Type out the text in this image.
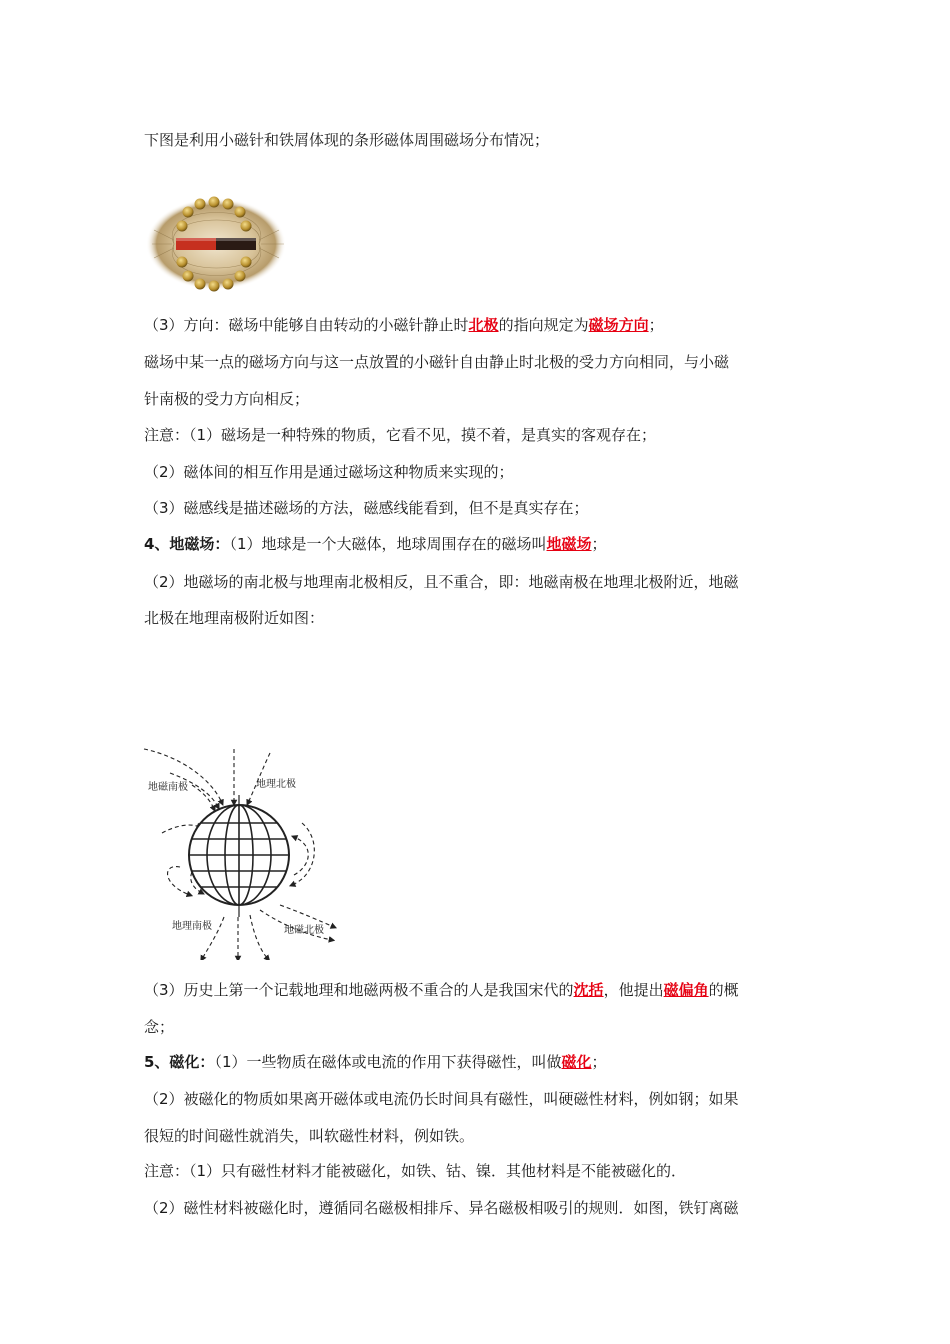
下图是利用小磁针和铁屑体现的条形磁体周围磁场分布情况；
（3）方向：磁场中能够自由转动的小磁针静止时北极的指向规定为磁场方向；
磁场中某一点的磁场方向与这一点放置的小磁针自由静止时北极的受力方向相同，与小磁
针南极的受力方向相反；
注意：（1）磁场是一种特殊的物质，它看不见，摸不着，是真实的客观存在；
（2）磁体间的相互作用是通过磁场这种物质来实现的；
（3）磁感线是描述磁场的方法，磁感线能看到，但不是真实存在；
4、地磁场：（1）地球是一个大磁体，地球周围存在的磁场叫地磁场；
（2）地磁场的南北极与地理南北极相反，且不重合，即：地磁南极在地理北极附近，地磁
北极在地理南极附近如图：
地磁南极	地理北极
地理南极	地磁北极
（3）历史上第一个记载地理和地磁两极不重合的人是我国宋代的沈括，他提出磁偏角的概
念；
5、磁化：（1）一些物质在磁体或电流的作用下获得磁性，叫做磁化；
（2）被磁化的物质如果离开磁体或电流仍长时间具有磁性，叫硬磁性材料，例如钢；如果
很短的时间磁性就消失，叫软磁性材料，例如铁。
注意：（1）只有磁性材料才能被磁化，如铁、钴、镍．其他材料是不能被磁化的．
（2）磁性材料被磁化时，遵循同名磁极相排斥、异名磁极相吸引的规则．如图，铁钉离磁
